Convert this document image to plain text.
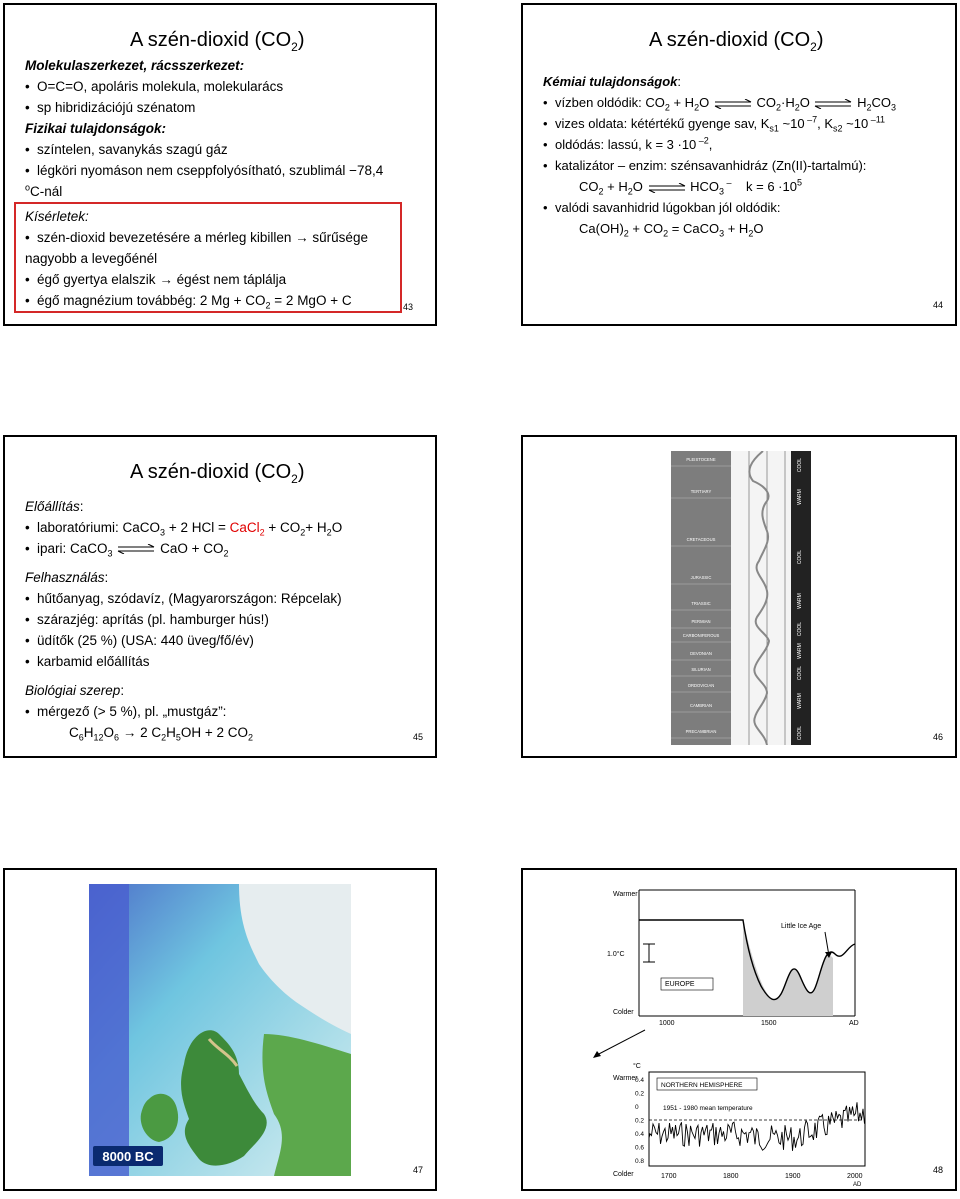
A szén-dioxid $(CO_2)$
Molekulaszerkezet, rácsszerkezet:
• O=C=O, apoláris molekula, molekularács
• sp hibridizációjú szénatom
Fizikai tulajdonságok:
• színtelen, savanykás szagú gáz
• légköri nyomáson nem cseppfolyósítható, szublimál −78,4
$^o$C-nál
Kísérletek:
• szén-dioxid bevezetésére a mérleg kibillen → sűrűsége
nagyobb a levegőénél
• égő gyertya elalszik → égést nem táplálja
• égő magnézium továbbég: 2 $Mg + CO_2 = 2$ MgO + C	43
A szén-dioxid $(CO_2)$
Kémiai tulajdonságok:
• vízben oldódik: $CO_2 + H_2O$ ⇌ $CO_2\cdot H_2O$ ⇌ $H_2CO_3$
• vizes oldata: kétértékű gyenge sav, $K_{s1}$ ~10 $^{-7}$, $K_{s2}$ ~10 $^{-11}$
• oldódás: lassú, k = 3 ·10 $^{-2}$,
• katalizátor – enzim: szénsavanhidráz (Zn(II)-tartalmú):
$CO_2 + H_2O$ ⇌ $HCO_3$ – $k = 6 \cdot 10^5$
• valódi savanhidrid lúgokban jól oldódik:
$Ca(OH)_2 + CO_2$ = CaCO$_3$ + $H_2O$
44
A szén-dioxid $(CO_2)$
Előállítás:
• laboratóriumi: CaCO$_3$ + 2 HCl = CaCl$_2$ + $CO_2+ H_2O$
• ipari: CaCO$_3$ ⇌ CaO + $CO_2$
Felhasználás:
• hűtőanyag, szódavíz, (Magyarországon: Répcelak)
• szárazjég: aprítás (pl. hamburger hús!)
• üdítők (25 %) (USA: 440 üveg/fő/év)
• karbamid előállítás
Biológiai szerep:
• mérgező (> 5 %), pl. „mustgáz”:
$C_6H_{12}O_6 \to 2$ $C_2H_5OH + 2$ $CO_2$	45
PLEISTOCENE
TERTIARY
CRETACEOUS
JURASSIC
TRIASSIC
PERMIAN
CARBONIFEROUS
DEVONIAN
SILURIAN
ORDOVICIAN
CAMBRIAN
PRECAMBRIAN
COOL
WARM
COOL
WARM
COOL
WARM
COOL
WARM
COOL	46
8000 BC
47
Warmer
1.0°C
Colder
EUROPE
Little Ice Age
1000	1500	AD
°C
Warmer
Colder
0.4
0.2
0
0.2
0.4
0.6
0.8
NORTHERN HEMISPHERE
1951 - 1980 mean temperature
1700	1800	1900	2000
AD
48
